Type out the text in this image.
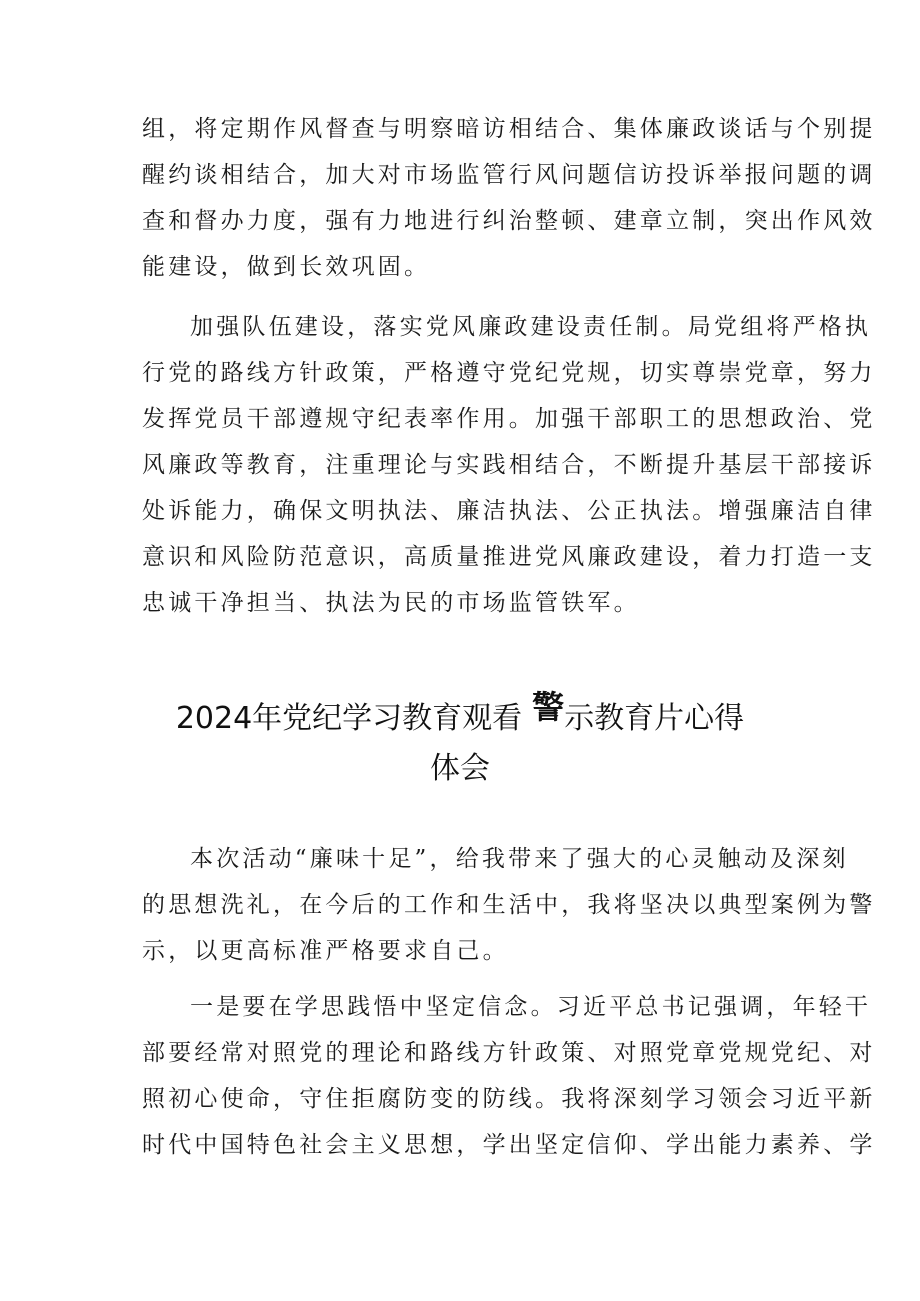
组，将定期作风督查与明察暗访相结合、集体廉政谈话与个别提
醒约谈相结合，加大对市场监管行风问题信访投诉举报问题的调
查和督办力度，强有力地进行纠治整顿、建章立制，突出作风效
能建设，做到长效巩固。
加强队伍建设，落实党风廉政建设责任制。局党组将严格执
行党的路线方针政策，严格遵守党纪党规，切实尊崇党章，努力
发挥党员干部遵规守纪表率作用。加强干部职工的思想政治、党
风廉政等教育，注重理论与实践相结合，不断提升基层干部接诉
处诉能力，确保文明执法、廉洁执法、公正执法。增强廉洁自律
意识和风险防范意识，高质量推进党风廉政建设，着力打造一支
忠诚干净担当、执法为民的市场监管铁军。
2024年党纪学习教育观看 警示教育片心得
体会
本次活动“廉味十足”，给我带来了强大的心灵触动及深刻
的思想洗礼，在今后的工作和生活中，我将坚决以典型案例为警
示，以更高标准严格要求自己。
一是要在学思践悟中坚定信念。习近平总书记强调，年轻干
部要经常对照党的理论和路线方针政策、对照党章党规党纪、对
照初心使命，守住拒腐防变的防线。我将深刻学习领会习近平新
时代中国特色社会主义思想，学出坚定信仰、学出能力素养、学
